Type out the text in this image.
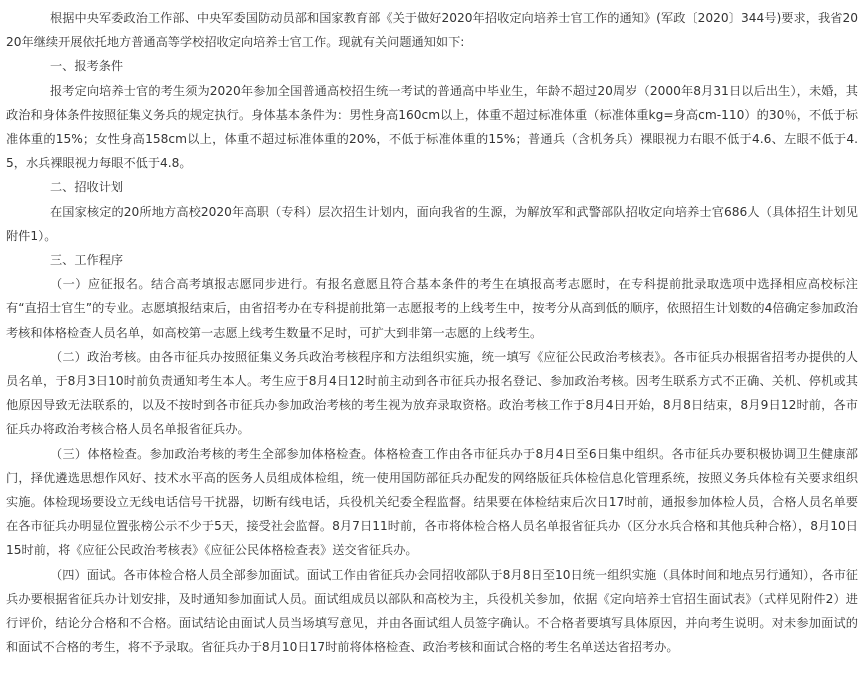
根据中央军委政治工作部、中央军委国防动员部和国家教育部《关于做好2020年招收定向培养士官工作的通知》(军政〔2020〕344号)要求，我省2020年继续开展依托地方普通高等学校招收定向培养士官工作。现就有关问题通知如下:

一、报考条件

报考定向培养士官的考生须为2020年参加全国普通高校招生统一考试的普通高中毕业生，年龄不超过20周岁（2000年8月31日以后出生），未婚，其政治和身体条件按照征集义务兵的规定执行。身体基本条件为：男性身高160cm以上，体重不超过标准体重（标准体重kg=身高cm-110）的30％，不低于标准体重的15%；女性身高158cm以上，体重不超过标准体重的20%，不低于标准体重的15%；普通兵（含机务兵）裸眼视力右眼不低于4.6、左眼不低于4.5，水兵裸眼视力每眼不低于4.8。

二、招收计划

在国家核定的20所地方高校2020年高职（专科）层次招生计划内，面向我省的生源，为解放军和武警部队招收定向培养士官686人（具体招生计划见附件1）。

三、工作程序

（一）应征报名。结合高考填报志愿同步进行。有报名意愿且符合基本条件的考生在填报高考志愿时，在专科提前批录取选项中选择相应高校标注有“直招士官生”的专业。志愿填报结束后，由省招考办在专科提前批第一志愿报考的上线考生中，按考分从高到低的顺序，依照招生计划数的4倍确定参加政治考核和体格检查人员名单，如高校第一志愿上线考生数量不足时，可扩大到非第一志愿的上线考生。

（二）政治考核。由各市征兵办按照征集义务兵政治考核程序和方法组织实施，统一填写《应征公民政治考核表》。各市征兵办根据省招考办提供的人员名单，于8月3日10时前负责通知考生本人。考生应于8月4日12时前主动到各市征兵办报名登记、参加政治考核。因考生联系方式不正确、关机、停机或其他原因导致无法联系的，以及不按时到各市征兵办参加政治考核的考生视为放弃录取资格。政治考核工作于8月4日开始，8月8日结束，8月9日12时前，各市征兵办将政治考核合格人员名单报省征兵办。

（三）体格检查。参加政治考核的考生全部参加体格检查。体格检查工作由各市征兵办于8月4日至6日集中组织。各市征兵办要积极协调卫生健康部门，择优遴选思想作风好、技术水平高的医务人员组成体检组，统一使用国防部征兵办配发的网络版征兵体检信息化管理系统，按照义务兵体检有关要求组织实施。体检现场要设立无线电话信号干扰器，切断有线电话，兵役机关纪委全程监督。结果要在体检结束后次日17时前，通报参加体检人员，合格人员名单要在各市征兵办明显位置张榜公示不少于5天，接受社会监督。8月7日11时前，各市将体检合格人员名单报省征兵办（区分水兵合格和其他兵种合格），8月10日15时前，将《应征公民政治考核表》《应征公民体格检查表》送交省征兵办。

（四）面试。各市体检合格人员全部参加面试。面试工作由省征兵办会同招收部队于8月8日至10日统一组织实施（具体时间和地点另行通知），各市征兵办要根据省征兵办计划安排，及时通知参加面试人员。面试组成员以部队和高校为主，兵役机关参加，依据《定向培养士官招生面试表》（式样见附件2）进行评价，结论分合格和不合格。面试结论由面试人员当场填写意见，并由各面试组人员签字确认。不合格者要填写具体原因，并向考生说明。对未参加面试的和面试不合格的考生，将不予录取。省征兵办于8月10日17时前将体格检查、政治考核和面试合格的考生名单送达省招考办。
